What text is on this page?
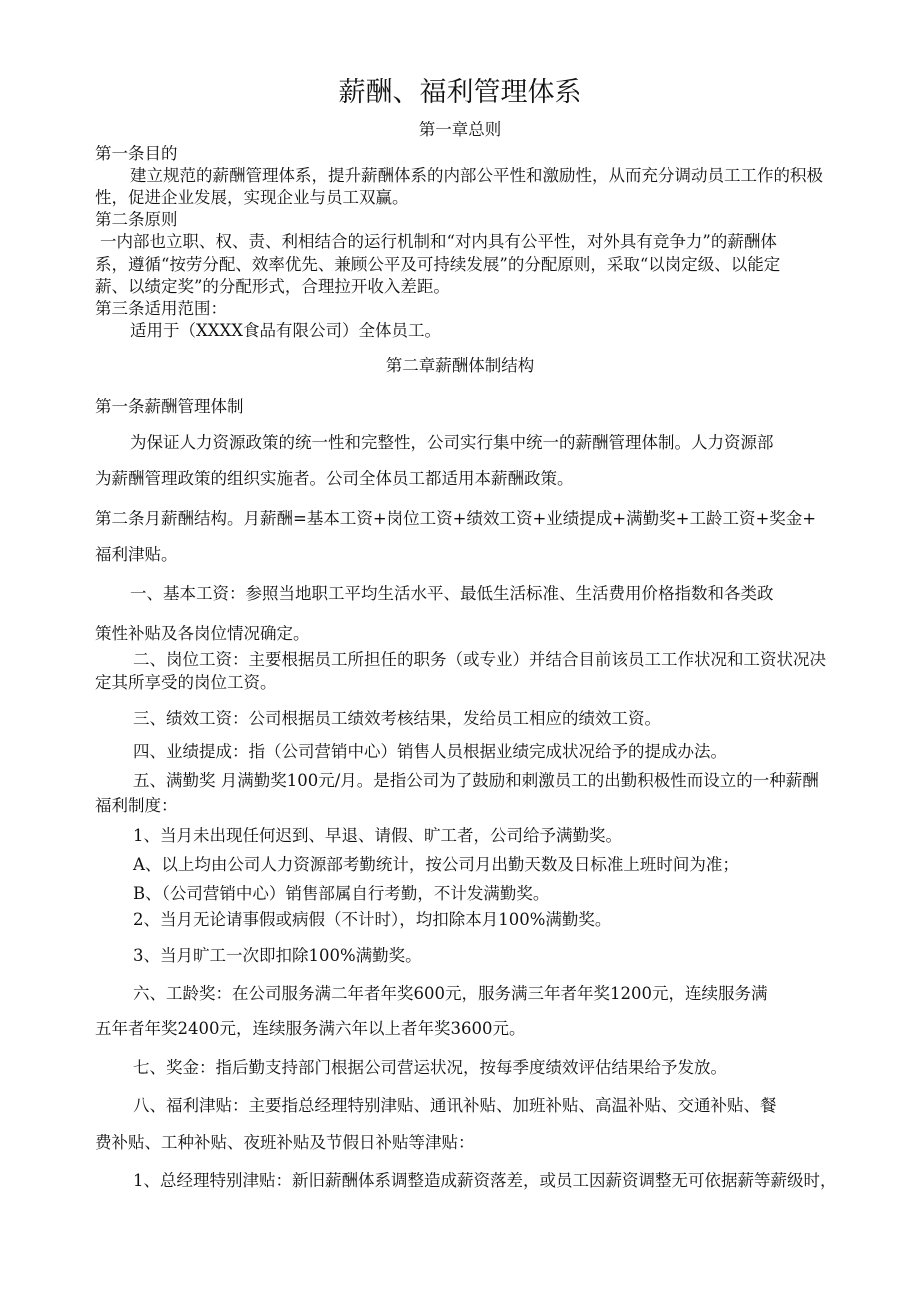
薪酬、福利管理体系
第一章总则

第一条目的

建立规范的薪酬管理体系，提升薪酬体系的内部公平性和激励性，从而充分调动员工工作的积极

性，促进企业发展，实现企业与员工双赢。

第二条原则

一内部也立职、权、责、利相结合的运行机制和“对内具有公平性，对外具有竞争力”的薪酬体

系，遵循“按劳分配、效率优先、兼顾公平及可持续发展”的分配原则，采取“以岗定级、以能定

薪、以绩定奖”的分配形式，合理拉开收入差距。

第三条适用范围：

适用于（XXXX食品有限公司）全体员工。

第二章薪酬体制结构

第一条薪酬管理体制

为保证人力资源政策的统一性和完整性，公司实行集中统一的薪酬管理体制。人力资源部

为薪酬管理政策的组织实施者。公司全体员工都适用本薪酬政策。

第二条月薪酬结构。月薪酬=基本工资+岗位工资+绩效工资+业绩提成+满勤奖+工龄工资+奖金+

福利津贴。

一、基本工资：参照当地职工平均生活水平、最低生活标准、生活费用价格指数和各类政

策性补贴及各岗位情况确定。

二、岗位工资：主要根据员工所担任的职务（或专业）并结合目前该员工工作状况和工资状况决

定其所享受的岗位工资。

三、绩效工资：公司根据员工绩效考核结果，发给员工相应的绩效工资。

四、业绩提成：指（公司营销中心）销售人员根据业绩完成状况给予的提成办法。

五、满勤奖 月满勤奖100元/月。是指公司为了鼓励和刺激员工的出勤积极性而设立的一种薪酬

福利制度：

1、当月未出现任何迟到、早退、请假、旷工者，公司给予满勤奖。

A、以上均由公司人力资源部考勤统计，按公司月出勤天数及日标准上班时间为准；

B、（公司营销中心）销售部属自行考勤，不计发满勤奖。

2、当月无论请事假或病假（不计时），均扣除本月100%满勤奖。

3、当月旷工一次即扣除100%满勤奖。

六、工龄奖：在公司服务满二年者年奖600元，服务满三年者年奖1200元，连续服务满

五年者年奖2400元，连续服务满六年以上者年奖3600元。

七、奖金：指后勤支持部门根据公司营运状况，按每季度绩效评估结果给予发放。

八、福利津贴：主要指总经理特别津贴、通讯补贴、加班补贴、高温补贴、交通补贴、餐

费补贴、工种补贴、夜班补贴及节假日补贴等津贴：

1、总经理特别津贴：新旧薪酬体系调整造成薪资落差，或员工因薪资调整无可依据薪等薪级时，
